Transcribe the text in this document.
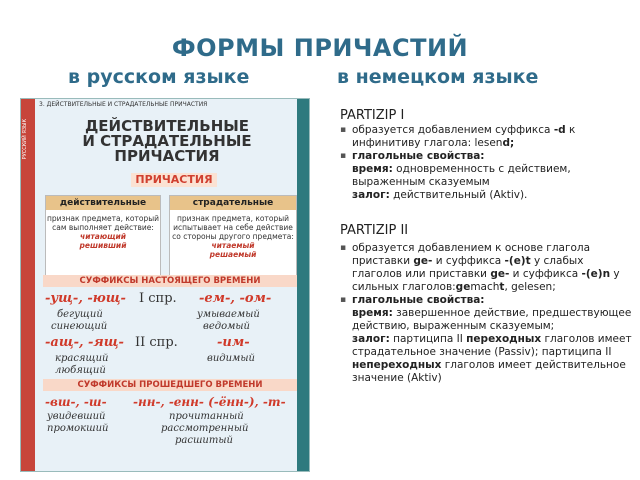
ФОРМЫ ПРИЧАСТИЙ
в русском языке	в немецком языке
РУССКИЙ ЯЗЫК
3. ДЕЙСТВИТЕЛЬНЫЕ И СТРАДАТЕЛЬНЫЕ ПРИЧАСТИЯ
ДЕЙСТВИТЕЛЬНЫЕ
И СТРАДАТЕЛЬНЫЕ
ПРИЧАСТИЯ
ПРИЧАСТИЯ
действительные
признак предмета, который сам выполняет действие:
читающий
решивший
страдательные
признак предмета, который испытывает на себе действие со стороны другого предмета:
читаемый
решаемый
СУФФИКСЫ НАСТОЯЩЕГО ВРЕМЕНИ
-ущ-, -ющ- I спр. -ем-, -ом-
бегущий
синеющий
умываемый
ведомый
-ащ-, -ящ- II спр.	-им-
крaсящий
любящий
видимый
СУФФИКСЫ ПРОШЕДШЕГО ВРЕМЕНИ
-вш-, -ш- -нн-, -енн- (-ённ-), -т-
увидевший
промокший
прочитанный
рассмотренный
расшитый
PARTIZIP I
▪ образуется добавлением суффикса -d к инфинитиву глагола: lesend;
▪ глагольные свойства:
время: одновременность с действием, выраженным сказуемым
залог: действительный (Aktiv).
PARTIZIP II
▪ образуется добавлением к основе глагола приставки ge- и суффикса -(e)t у слабых глаголов или приставки ge- и суффикса -(e)n у сильных глаголов:gemacht, gelesen;
▪ глагольные свойства:
время: завершенное действие, предшествующее действию, выраженным сказуемым;
залог: партиципа II переходных глаголов имеет страдательное значение (Passiv); партиципа II непереходных глаголов имеет действительное значение (Aktiv)
